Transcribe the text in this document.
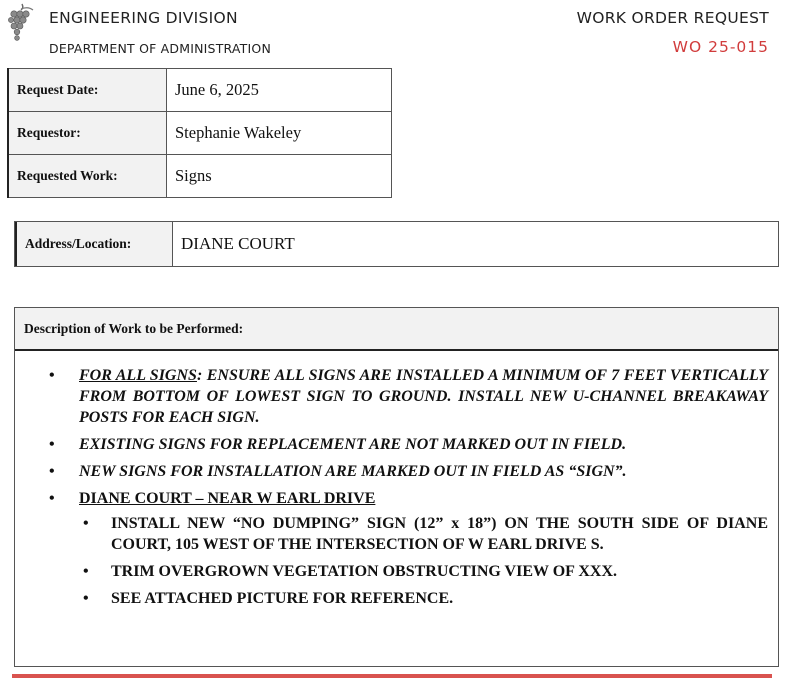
ENGINEERING DIVISION
DEPARTMENT OF ADMINISTRATION
WORK ORDER REQUEST
WO 25-015
Request Date:	June 6, 2025
Requestor:	Stephanie Wakeley
Requested Work:	Signs
Address/Location:	DIANE COURT
Description of Work to be Performed:
• FOR ALL SIGNS: ENSURE ALL SIGNS ARE INSTALLED A MINIMUM OF 7 FEET VERTICALLY FROM BOTTOM OF LOWEST SIGN TO GROUND. INSTALL NEW U-CHANNEL BREAKAWAY POSTS FOR EACH SIGN.
• EXISTING SIGNS FOR REPLACEMENT ARE NOT MARKED OUT IN FIELD.
• NEW SIGNS FOR INSTALLATION ARE MARKED OUT IN FIELD AS “SIGN”.
• DIANE COURT – NEAR W EARL DRIVE
• INSTALL NEW “NO DUMPING” SIGN (12” x 18”) ON THE SOUTH SIDE OF DIANE COURT, 105 WEST OF THE INTERSECTION OF W EARL DRIVE S.
• TRIM OVERGROWN VEGETATION OBSTRUCTING VIEW OF XXX.
• SEE ATTACHED PICTURE FOR REFERENCE.
